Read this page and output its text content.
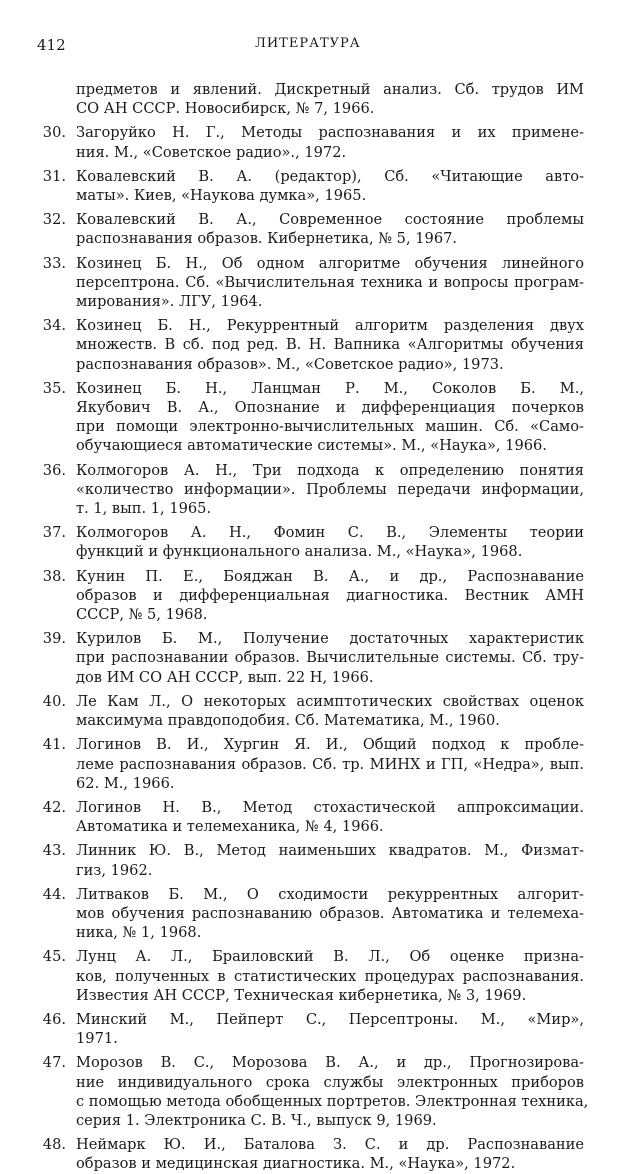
412	ЛИТЕРАТУРА
предметов и явлений. Дискретный анализ. Сб. трудов ИМ
СО АН СССР. Новосибирск, № 7, 1966.
30. Загоруйко Н. Г., Методы распознавания и их примене-
ния. М., «Советское радио»., 1972.
31. Ковалевский В. А. (редактор), Сб. «Читающие авто-
маты». Киев, «Наукова думка», 1965.
32. Ковалевский В. А., Современное состояние проблемы
распознавания образов. Кибернетика, № 5, 1967.
33. Козинец Б. Н., Об одном алгоритме обучения линейного
персептрона. Сб. «Вычислительная техника и вопросы програм-
мирования». ЛГУ, 1964.
34. Козинец Б. Н., Рекуррентный алгоритм разделения двух
множеств. В сб. под ред. В. Н. Вапника «Алгоритмы обучения
распознавания образов». М., «Советское радио», 1973.
35. Козинец Б. Н., Ланцман Р. М., Соколов Б. М.,
Якубович В. А., Опознание и дифференциация почерков
при помощи электронно-вычислительных машин. Сб. «Само-
обучающиеся автоматические системы». М., «Наука», 1966.
36. Колмогоров А. Н., Три подхода к определению понятия
«количество информации». Проблемы передачи информации,
т. 1, вып. 1, 1965.
37. Колмогоров А. Н., Фомин С. В., Элементы теории
функций и функционального анализа. М., «Наука», 1968.
38. Кунин П. Е., Бояджан В. А., и др., Распознавание
образов и дифференциальная диагностика. Вестник АМН
СССР, № 5, 1968.
39. Курилов Б. М., Получение достаточных характеристик
при распознавании образов. Вычислительные системы. Сб. тру-
дов ИМ СО АН СССР, вып. 22 Н, 1966.
40. Ле Кам Л., О некоторых асимптотических свойствах оценок
максимума правдоподобия. Сб. Математика, М., 1960.
41. Логинов В. И., Хургин Я. И., Общий подход к пробле-
леме распознавания образов. Сб. тр. МИНХ и ГП, «Недра», вып.
62. М., 1966.
42. Логинов Н. В., Метод стохастической аппроксимации.
Автоматика и телемеханика, № 4, 1966.
43. Линник Ю. В., Метод наименьших квадратов. М., Физмат-
гиз, 1962.
44. Литваков Б. М., О сходимости рекуррентных алгорит-
мов обучения распознаванию образов. Автоматика и телемеха-
ника, № 1, 1968.
45. Лунц А. Л., Браиловский В. Л., Об оценке призна-
ков, полученных в статистических процедурах распознавания.
Известия АН СССР, Техническая кибернетика, № 3, 1969.
46. Минский М., Пейперт С., Персептроны. М., «Мир»,
1971.
47. Морозов В. С., Морозова В. А., и др., Прогнозирова-
ние индивидуального срока службы электронных приборов
с помощью метода обобщенных портретов. Электронная техника,
серия 1. Электроника С. В. Ч., выпуск 9, 1969.
48. Неймарк Ю. И., Баталова З. С. и др. Распознавание
образов и медицинская диагностика. М., «Наука», 1972.
